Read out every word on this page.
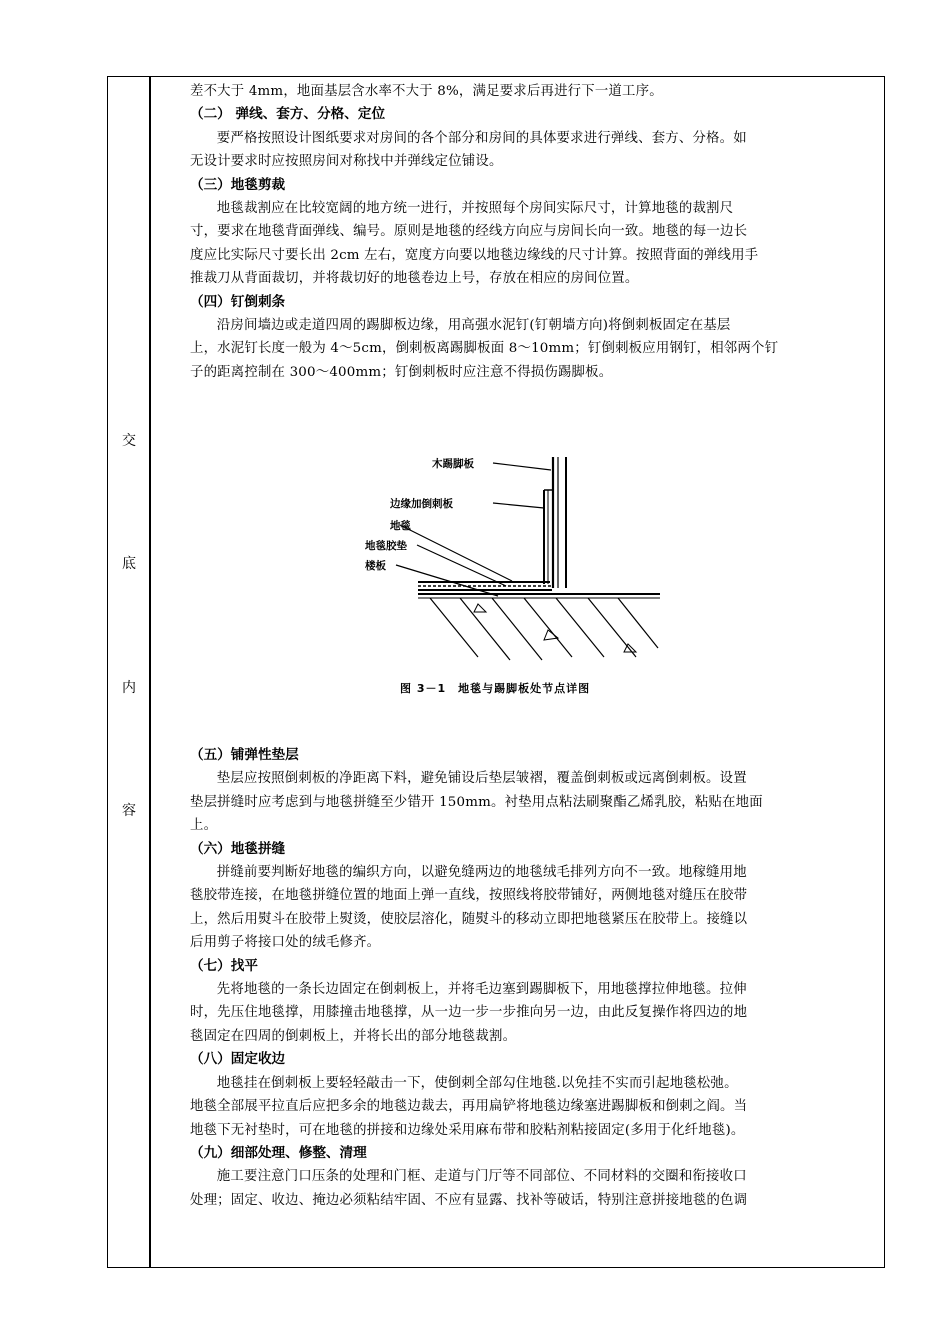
交
底
内
容

差不大于 4mm，地面基层含水率不大于 8%，满足要求后再进行下一道工序。

（二） 弹线、套方、分格、定位

要严格按照设计图纸要求对房间的各个部分和房间的具体要求进行弹线、套方、分格。如

无设计要求时应按照房间对称找中并弹线定位铺设。

（三）地毯剪裁

地毯裁割应在比较宽阔的地方统一进行，并按照每个房间实际尺寸，计算地毯的裁割尺

寸，要求在地毯背面弹线、编号。原则是地毯的经线方向应与房间长向一致。地毯的每一边长

度应比实际尺寸要长出 2cm 左右，宽度方向要以地毯边缘线的尺寸计算。按照背面的弹线用手

推裁刀从背面裁切，并将裁切好的地毯卷边上号，存放在相应的房间位置。

（四）钉倒刺条

沿房间墙边或走道四周的踢脚板边缘，用高强水泥钉(钉朝墙方向)将倒刺板固定在基层

上，水泥钉长度一般为 4～5cm，倒刺板离踢脚板面 8～10mm；钉倒刺板应用钢钉，相邻两个钉

子的距离控制在 300～400mm；钉倒刺板时应注意不得损伤踢脚板。

木踢脚板
边缘加倒刺板
地毯
地毯胶垫
楼板
图 3－1　地毯与踢脚板处节点详图

（五）铺弹性垫层

垫层应按照倒刺板的净距离下料，避免铺设后垫层皱褶，覆盖倒刺板或远离倒刺板。设置

垫层拼缝时应考虑到与地毯拼缝至少错开 150mm。衬垫用点粘法刷聚酯乙烯乳胶，粘贴在地面

上。

（六）地毯拼缝

拼缝前要判断好地毯的编织方向，以避免缝两边的地毯绒毛排列方向不一致。地稼缝用地

毯胶带连接，在地毯拼缝位置的地面上弹一直线，按照线将胶带铺好，两侧地毯对缝压在胶带

上，然后用熨斗在胶带上熨烫，使胶层溶化，随熨斗的移动立即把地毯紧压在胶带上。接缝以

后用剪子将接口处的绒毛修齐。

（七）找平

先将地毯的一条长边固定在倒刺板上，并将毛边塞到踢脚板下，用地毯撑拉伸地毯。拉伸

时，先压住地毯撑，用膝撞击地毯撑，从一边一步一步推向另一边，由此反复操作将四边的地

毯固定在四周的倒刺板上，并将长出的部分地毯裁割。

（八）固定收边

地毯挂在倒刺板上要轻轻敲击一下，使倒刺全部勾住地毯.以免挂不实而引起地毯松弛。

地毯全部展平拉直后应把多余的地毯边裁去，再用扁铲将地毯边缘塞进踢脚板和倒刺之阎。当

地毯下无衬垫时，可在地毯的拼接和边缘处采用麻布带和胶粘剂粘接固定(多用于化纤地毯)。

（九）细部处理、修整、清理

施工要注意门口压条的处理和门框、走道与门厅等不同部位、不同材料的交圈和衔接收口

处理；固定、收边、掩边必须粘结牢固、不应有显露、找补等破话，特别注意拼接地毯的色调
